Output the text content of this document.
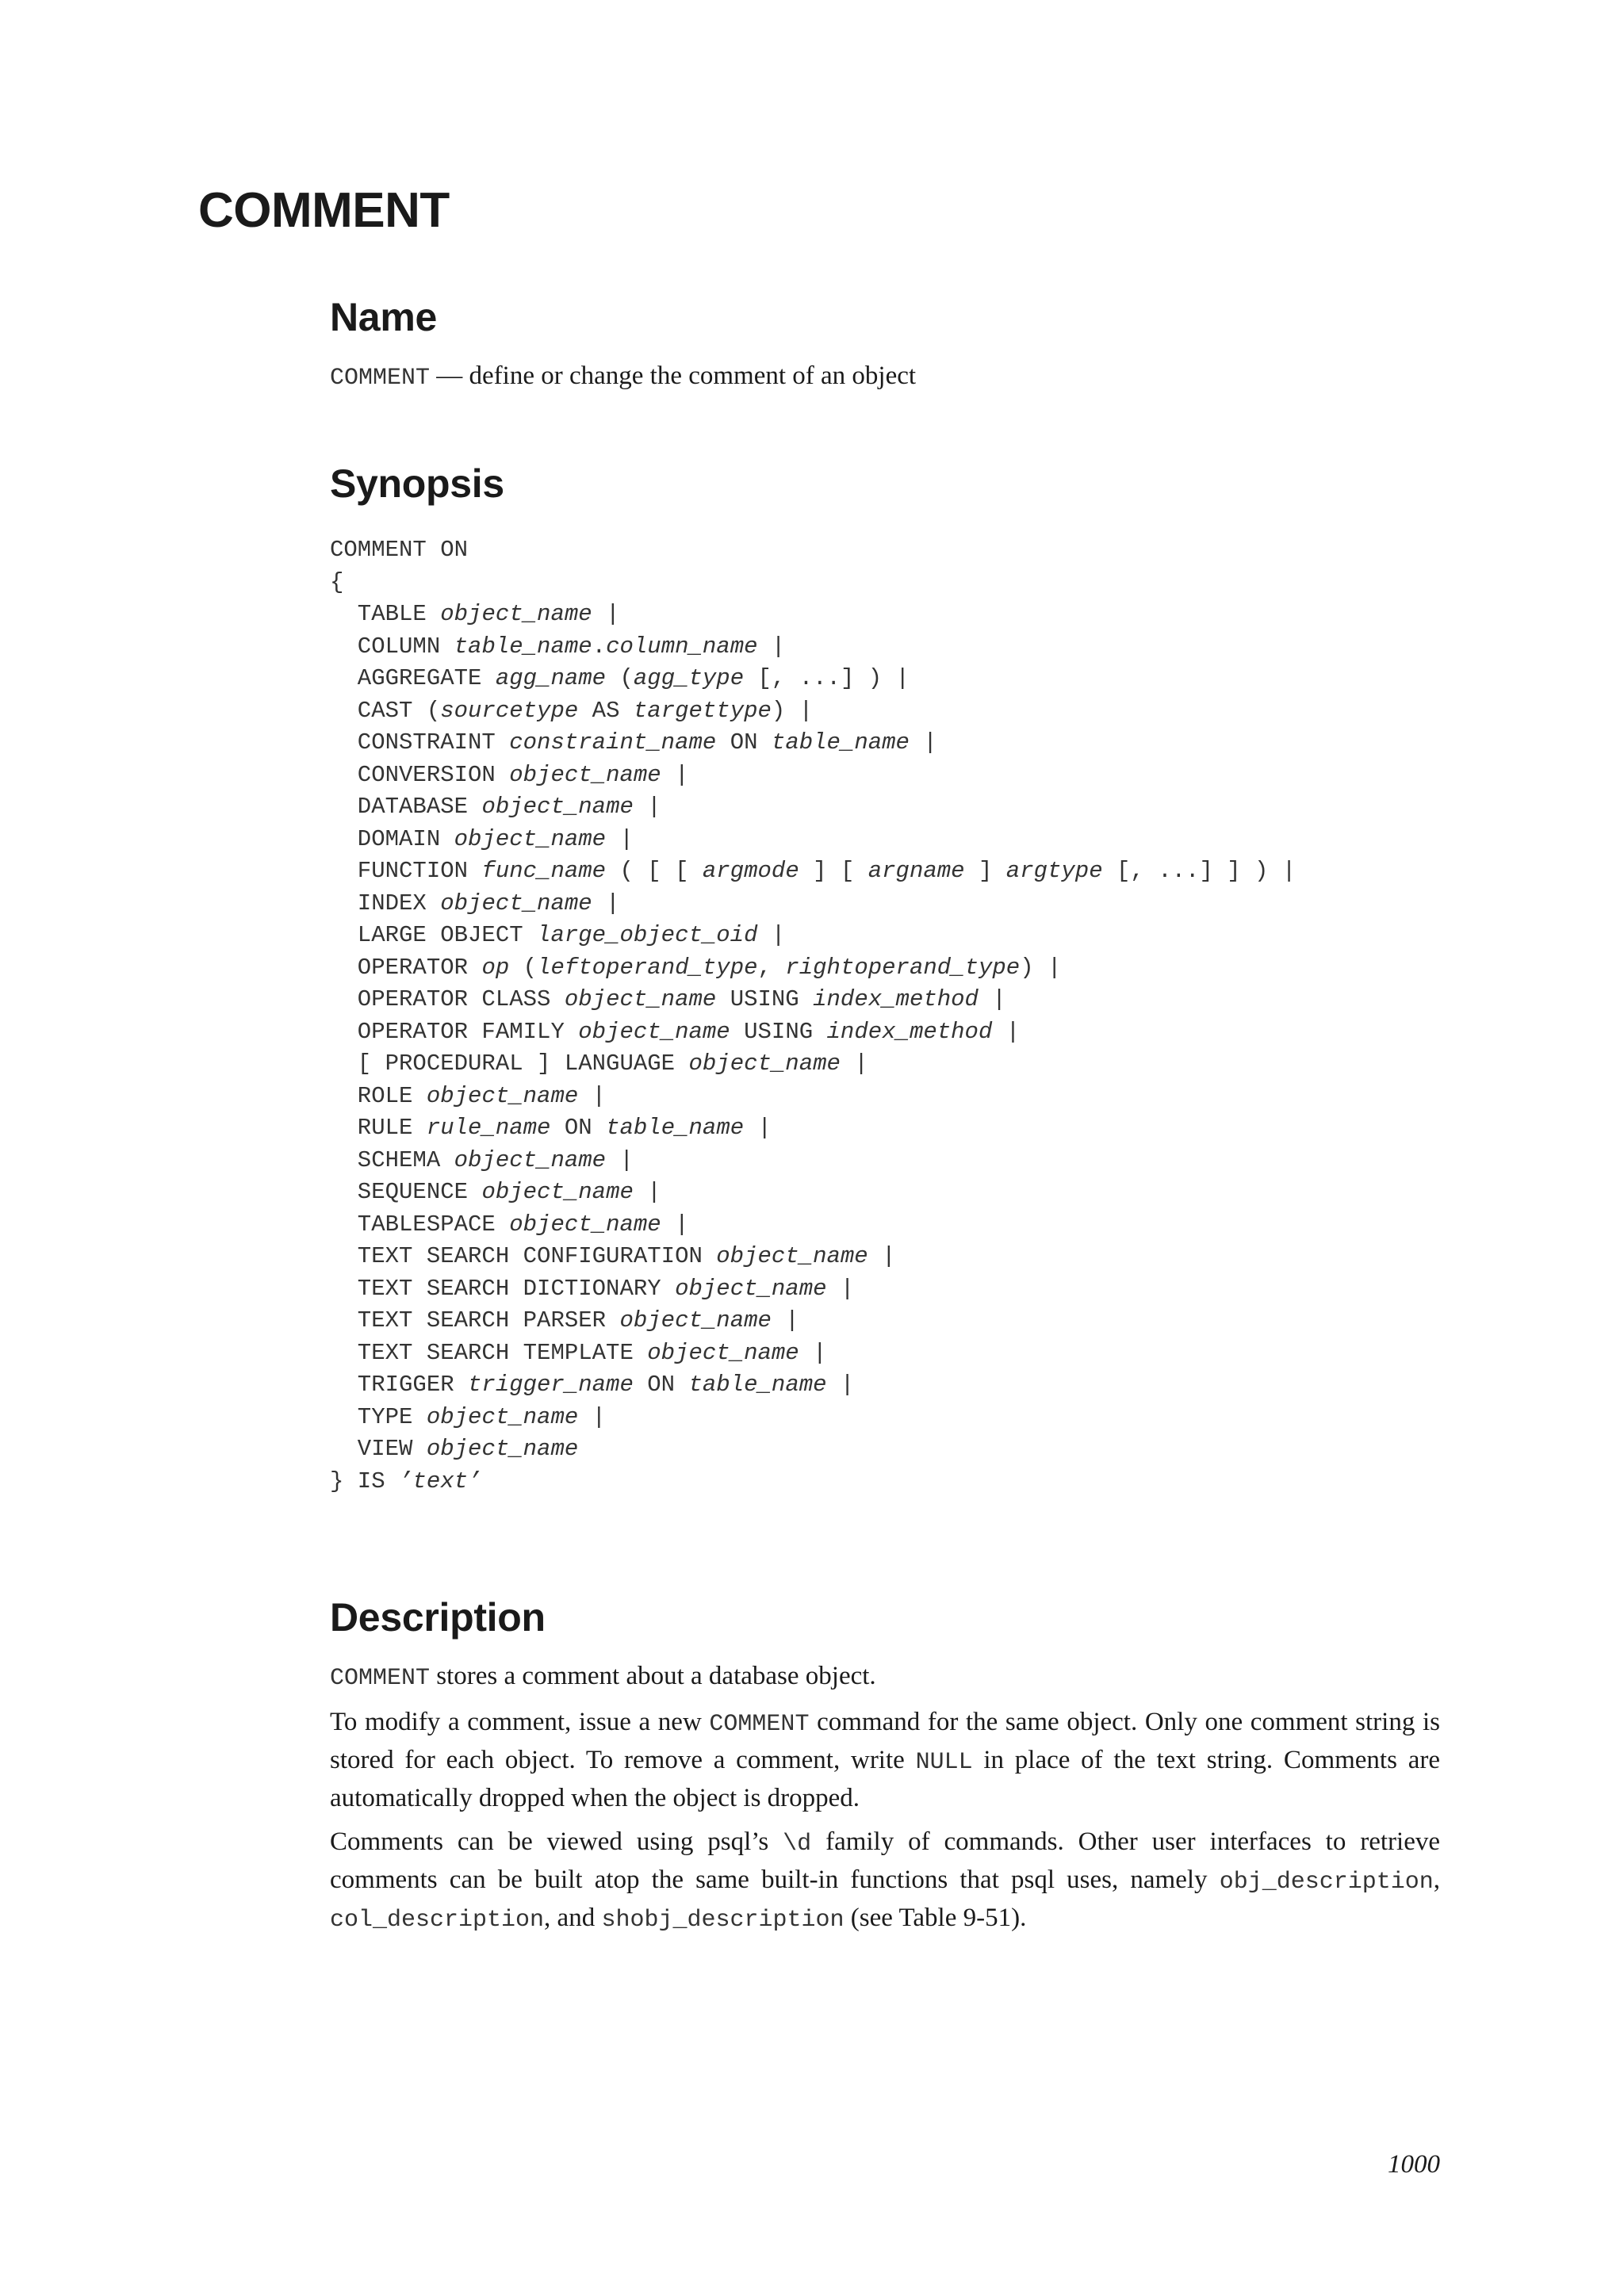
COMMENT
Name
COMMENT — define or change the comment of an object
Synopsis
COMMENT ON
{
TABLE object_name |
COLUMN table_name.column_name |
AGGREGATE agg_name (agg_type [, ...] ) |
CAST (sourcetype AS targettype) |
CONSTRAINT constraint_name ON table_name |
CONVERSION object_name |
DATABASE object_name |
DOMAIN object_name |
FUNCTION func_name ( [ [ argmode ] [ argname ] argtype [, ...] ] ) |
INDEX object_name |
LARGE OBJECT large_object_oid |
OPERATOR op (leftoperand_type, rightoperand_type) |
OPERATOR CLASS object_name USING index_method |
OPERATOR FAMILY object_name USING index_method |
[ PROCEDURAL ] LANGUAGE object_name |
ROLE object_name |
RULE rule_name ON table_name |
SCHEMA object_name |
SEQUENCE object_name |
TABLESPACE object_name |
TEXT SEARCH CONFIGURATION object_name |
TEXT SEARCH DICTIONARY object_name |
TEXT SEARCH PARSER object_name |
TEXT SEARCH TEMPLATE object_name |
TRIGGER trigger_name ON table_name |
TYPE object_name |
VIEW object_name
} IS ’text’
Description

COMMENT stores a comment about a database object.

To modify a comment, issue a new COMMENT command for the same object. Only one comment string is stored for each object. To remove a comment, write NULL in place of the text string. Comments are automatically dropped when the object is dropped.

Comments can be viewed using psql’s \d family of commands. Other user interfaces to retrieve comments can be built atop the same built-in functions that psql uses, namely obj_description, col_description, and shobj_description (see Table 9-51).

1000
